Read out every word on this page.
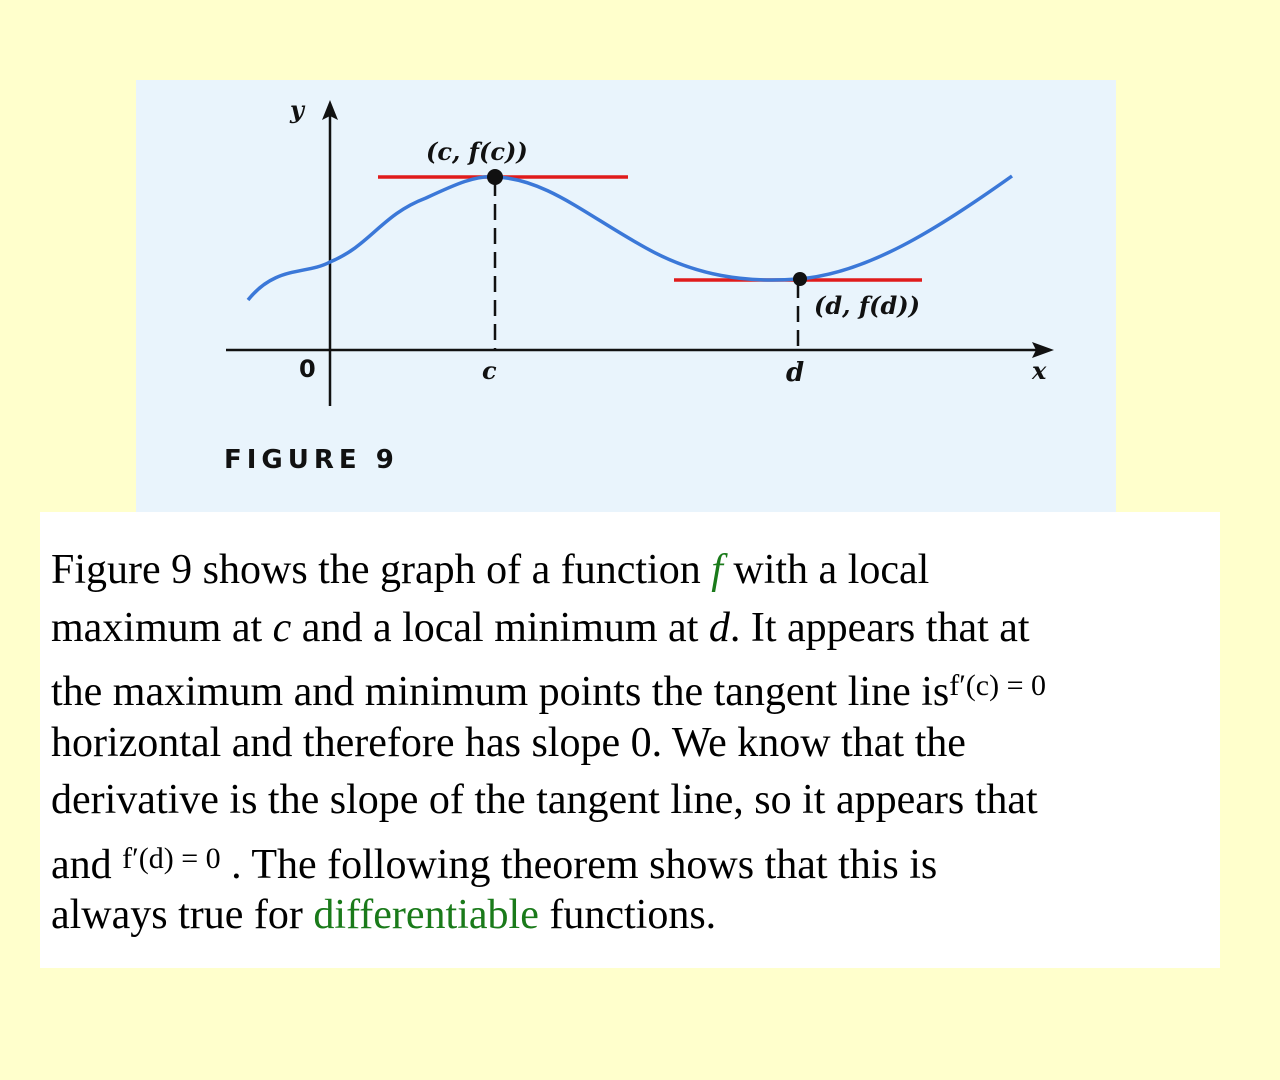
y
x
0
(c, f(c))
(d, f(d))
c	d
FIGURE 9
Figure 9 shows the graph of a function f with a local
maximum at c and a local minimum at d. It appears that at
the maximum and minimum points the tangent line $is^{f'(c) = 0}$
horizontal and therefore has slope 0. We know that the
derivative is the slope of the tangent line, so it appears that
and $^{f'(d) = 0}$ . The following theorem shows that this is
always true for differentiable functions.
